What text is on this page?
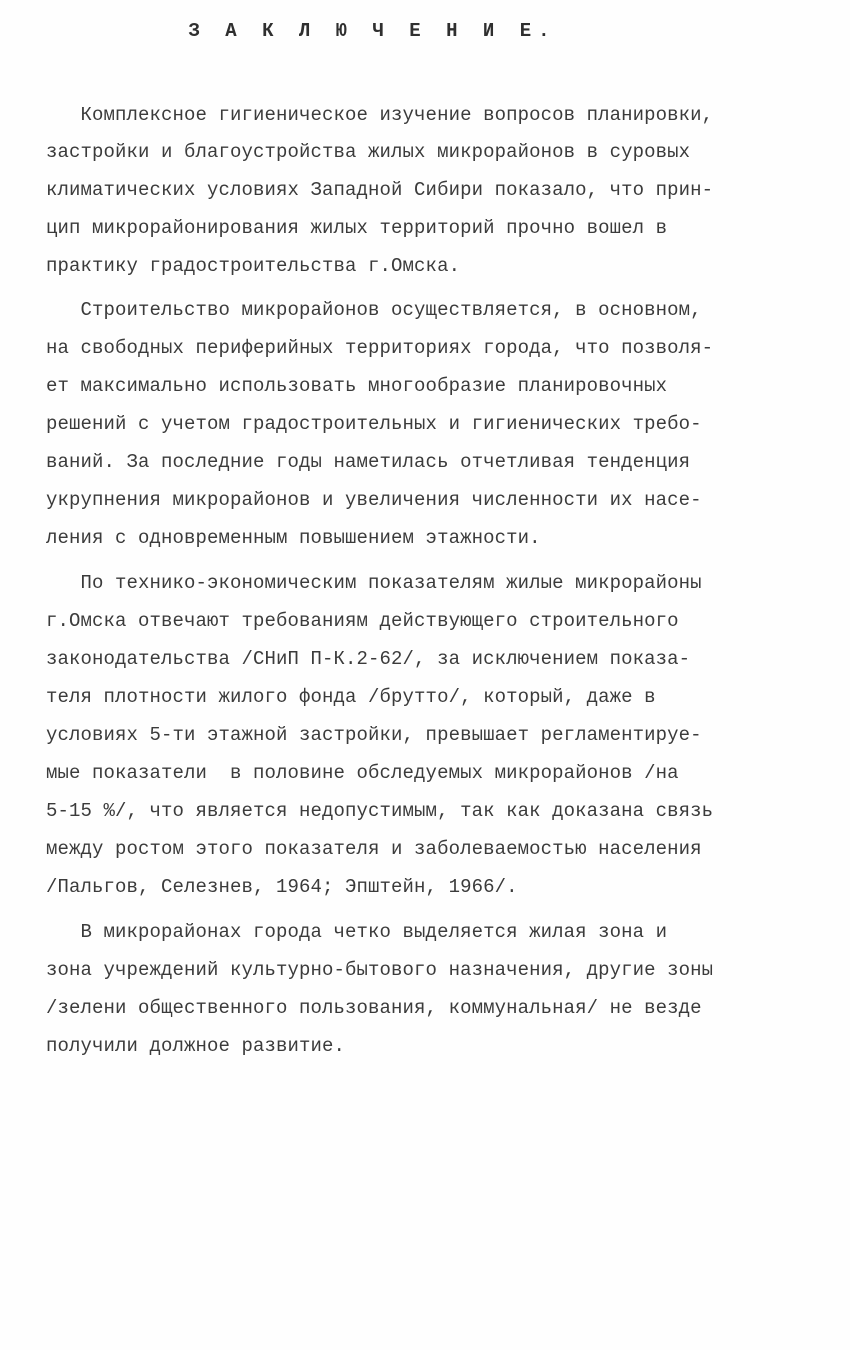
З А К Л Ю Ч Е Н И Е.
Комплексное гигиеническое изучение вопросов планировки,
застройки и благоустройства жилых микрорайонов в суровых
климатических условиях Западной Сибири показало, что прин-
цип микрорайонирования жилых территорий прочно вошел в
практику градостроительства г.Омска.
Строительство микрорайонов осуществляется, в основном,
на свободных периферийных территориях города, что позволя-
ет максимально использовать многообразие планировочных
решений с учетом градостроительных и гигиенических требо-
ваний. За последние годы наметилась отчетливая тенденция
укрупнения микрорайонов и увеличения численности их насе-
ления с одновременным повышением этажности.
По технико-экономическим показателям жилые микрорайоны
г.Омска отвечают требованиям действующего строительного
законодательства /СНиП П-К.2-62/, за исключением показа-
теля плотности жилого фонда /брутто/, который, даже в
условиях 5-ти этажной застройки, превышает регламентируе-
мые показатели  в половине обследуемых микрорайонов /на
5-15 %/, что является недопустимым, так как доказана связь
между ростом этого показателя и заболеваемостью населения
/Пальгов, Селезнев, 1964; Эпштейн, 1966/.
В микрорайонах города четко выделяется жилая зона и
зона учреждений культурно-бытового назначения, другие зоны
/зелени общественного пользования, коммунальная/ не везде
получили должное развитие.
